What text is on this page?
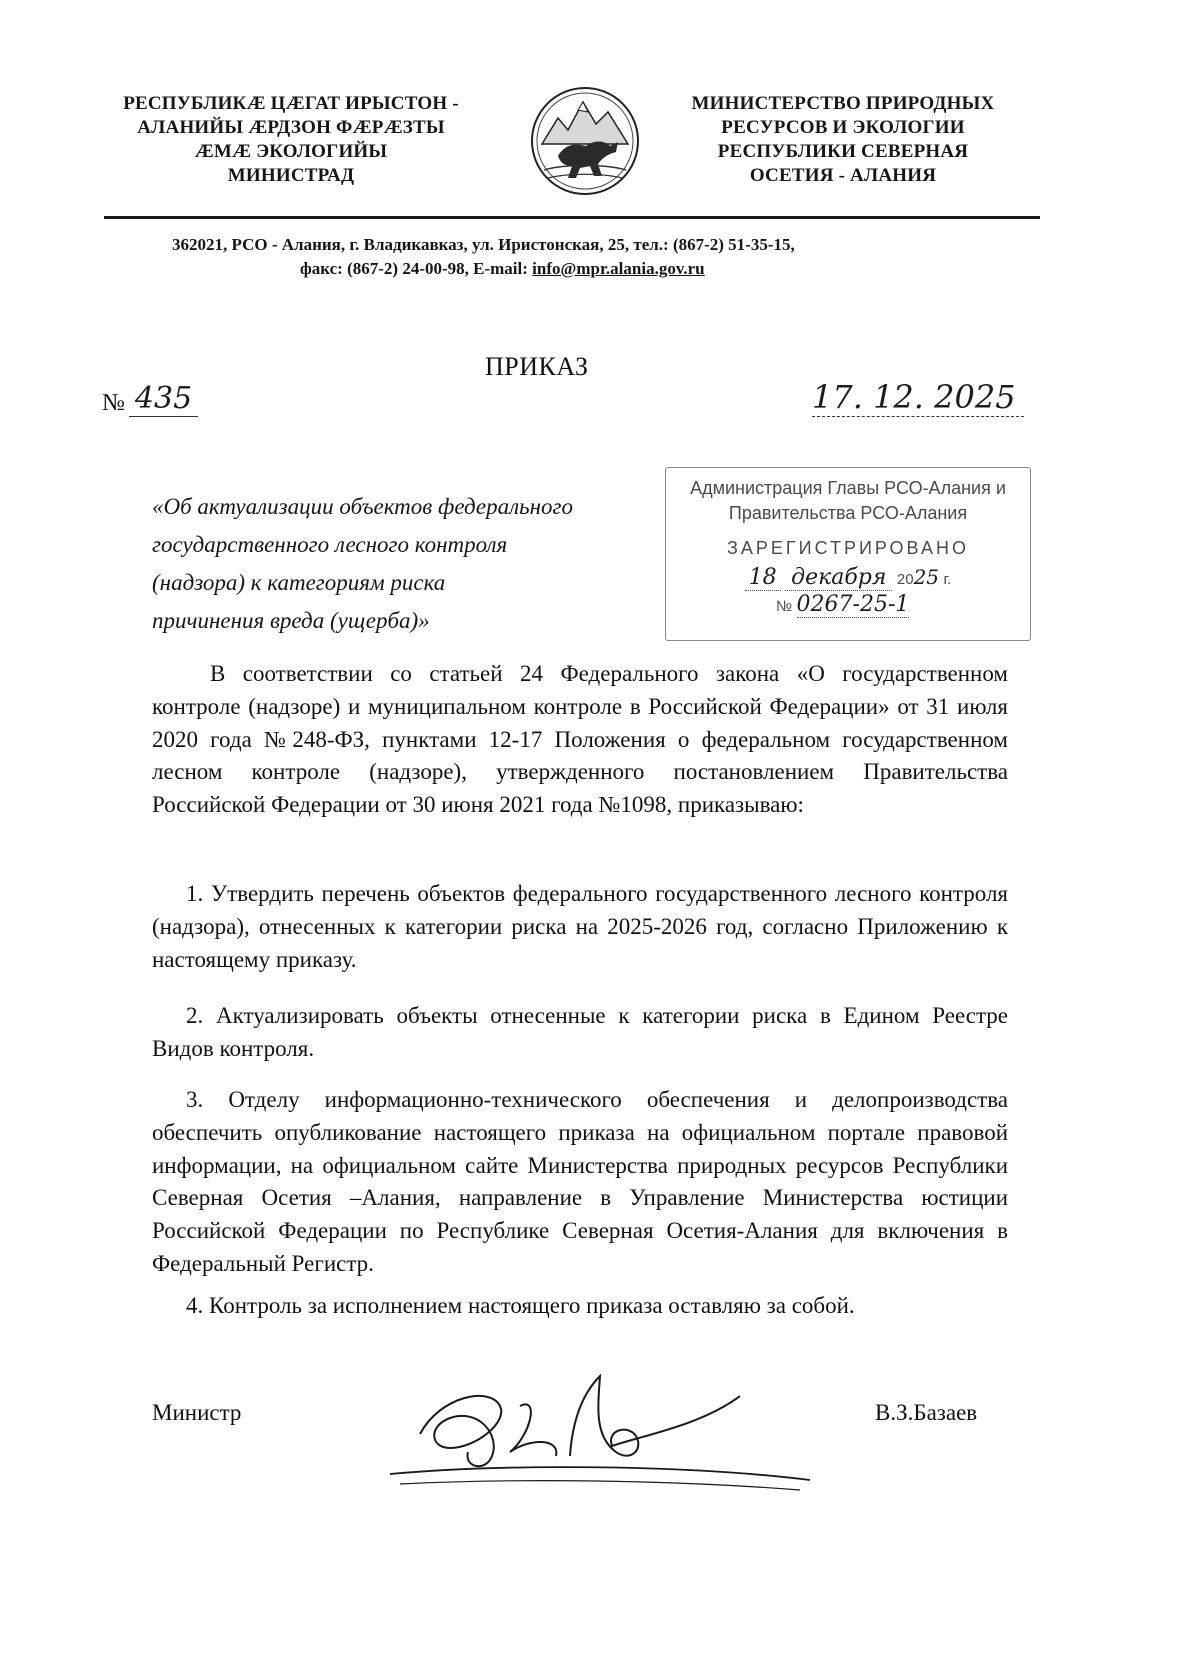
РЕСПУБЛИКÆ ЦÆГАТ ИРЫСТОН -
АЛАНИЙЫ ÆРДЗОН ФÆРÆЗТЫ
ÆМÆ ЭКОЛОГИЙЫ
МИНИСТРАД
МИНИСТЕРСТВО ПРИРОДНЫХ
РЕСУРСОВ И ЭКОЛОГИИ
РЕСПУБЛИКИ СЕВЕРНАЯ
ОСЕТИЯ - АЛАНИЯ
362021, РСО - Алания, г. Владикавказ, ул. Иристонская, 25, тел.: (867-2) 51-35-15,
факс: (867-2) 24-00-98, E-mail: info@mpr.alania.gov.ru
ПРИКАЗ
№ 435	17. 12. 2025
«Об актуализации объектов федерального
государственного лесного контроля
(надзора) к категориям риска
причинения вреда (ущерба)»
Администрация Главы РСО-Алания и
Правительства РСО-Алания
ЗАРЕГИСТРИРОВАНО
18 декабря 2025 г.
№ 0267-25-1
В соответствии со статьей 24 Федерального закона «О государственном контроле (надзоре) и муниципальном контроле в Российской Федерации» от 31 июля 2020 года №248-ФЗ, пунктами 12-17 Положения о федеральном государственном лесном контроле (надзоре), утвержденного постановлением Правительства Российской Федерации от 30 июня 2021 года №1098, приказываю:
1. Утвердить перечень объектов федерального государственного лесного контроля (надзора), отнесенных к категории риска на 2025-2026 год, согласно Приложению к настоящему приказу.
2. Актуализировать объекты отнесенные к категории риска в Едином Реестре Видов контроля.
3. Отделу информационно-технического обеспечения и делопроизводства обеспечить опубликование настоящего приказа на официальном портале правовой информации, на официальном сайте Министерства природных ресурсов Республики Северная Осетия –Алания, направление в Управление Министерства юстиции Российской Федерации по Республике Северная Осетия-Алания для включения в Федеральный Регистр.
4. Контроль за исполнением настоящего приказа оставляю за собой.
Министр	В.З.Базаев
